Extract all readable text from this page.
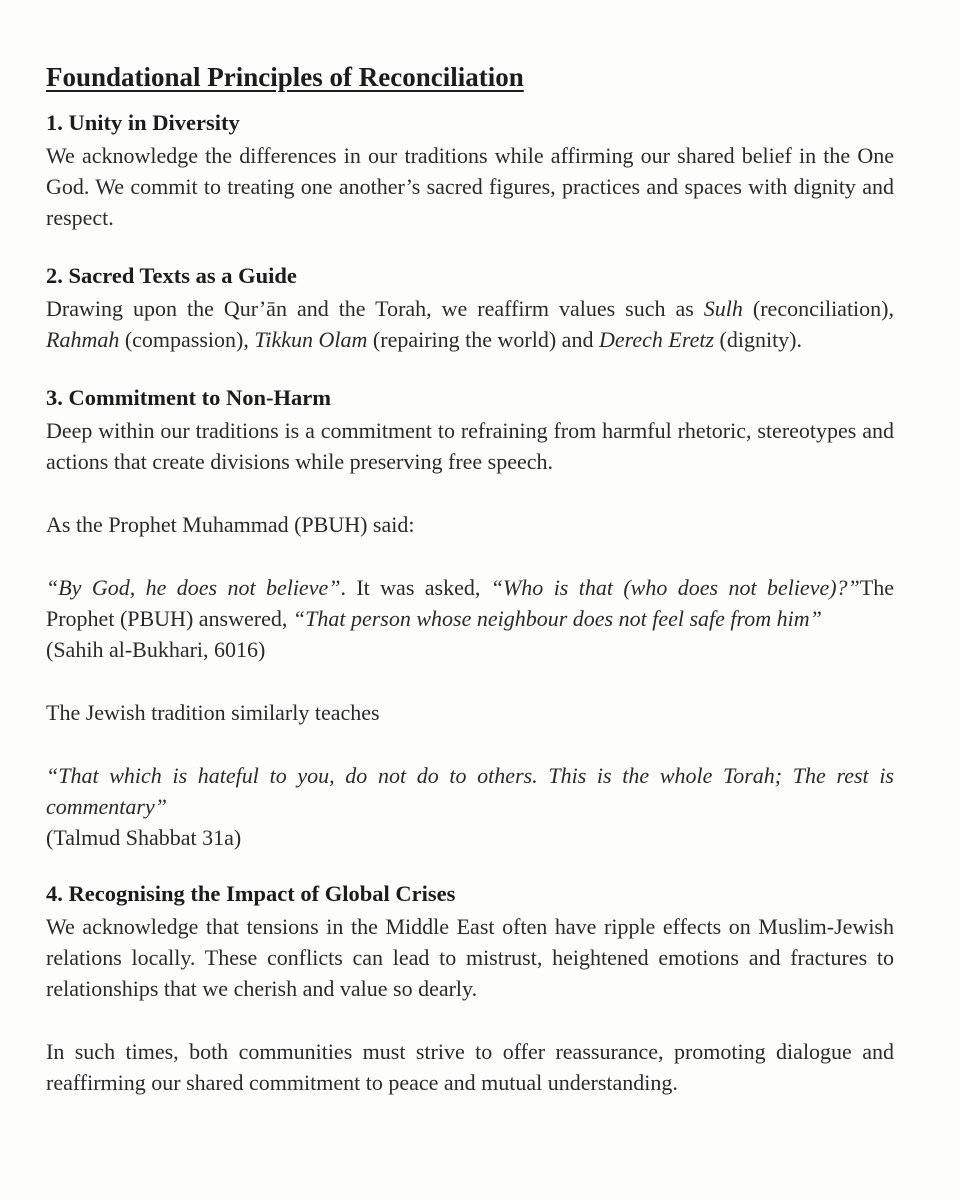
Foundational Principles of Reconciliation
1. Unity in Diversity

We acknowledge the differences in our traditions while affirming our shared belief in the One God. We commit to treating one another’s sacred figures, practices and spaces with dignity and respect.

2. Sacred Texts as a Guide

Drawing upon the Qur’ān and the Torah, we reaffirm values such as Sulh (reconciliation), Rahmah (compassion), Tikkun Olam (repairing the world) and Derech Eretz (dignity).

3. Commitment to Non-Harm

Deep within our traditions is a commitment to refraining from harmful rhetoric, stereotypes and actions that create divisions while preserving free speech.

As the Prophet Muhammad (PBUH) said:

“By God, he does not believe”. It was asked, “Who is that (who does not believe)?”The Prophet (PBUH) answered, “That person whose neighbour does not feel safe from him”

(Sahih al-Bukhari, 6016)

The Jewish tradition similarly teaches

“That which is hateful to you, do not do to others. This is the whole Torah; The rest is commentary”

(Talmud Shabbat 31a)

4. Recognising the Impact of Global Crises

We acknowledge that tensions in the Middle East often have ripple effects on Muslim-Jewish relations locally. These conflicts can lead to mistrust, heightened emotions and fractures to relationships that we cherish and value so dearly.

In such times, both communities must strive to offer reassurance, promoting dialogue and reaffirming our shared commitment to peace and mutual understanding.
